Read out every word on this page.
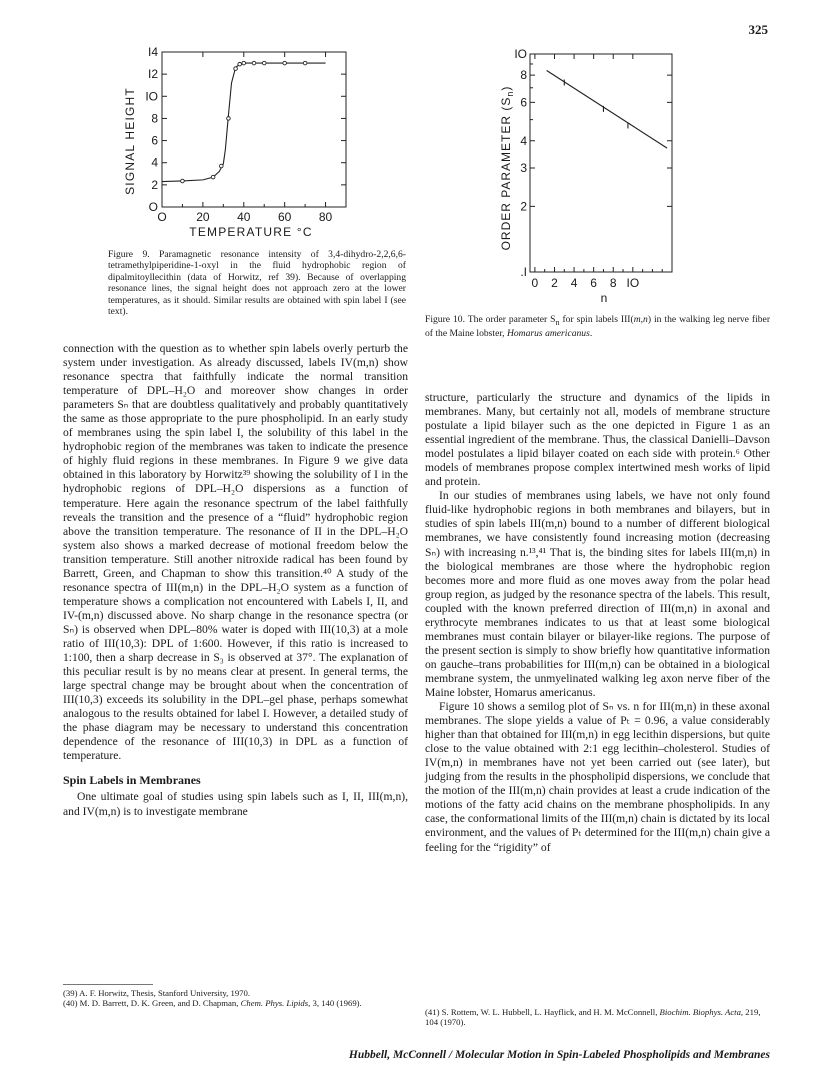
325
O 20 40 60 80
O
2
4
6
8
IO
I2
I4
SIGNAL HEIGHT
TEMPERATURE °C
0 2 4 6 8 IO
.I
2
3
4
6
8
IO
ORDER PARAMETER $(S_n)$
n
Figure 9. Paramagnetic resonance intensity of 3,4-dihydro-2,2,6,6-tetramethylpiperidine-1-oxyl in the fluid hydrophobic region of dipalmitoyllecithin (data of Horwitz, ref 39). Because of overlapping resonance lines, the signal height does not approach zero at the lower temperatures, as it should. Similar results are obtained with spin label I (see text).
Figure 10. The order parameter $S_n$ for spin labels III(m,n) in the walking leg nerve fiber of the Maine lobster, Homarus americanus.

connection with the question as to whether spin labels overly perturb the system under investigation. As already discussed, labels IV(m,n) show resonance spectra that faithfully indicate the normal transition temperature of DPL–H₂O and moreover show changes in order parameters Sₙ that are doubtless qualitatively and probably quantitatively the same as those appropriate to the pure phospholipid. In an early study of membranes using the spin label I, the solubility of this label in the hydrophobic region of the membranes was taken to indicate the presence of highly fluid regions in these membranes. In Figure 9 we give data obtained in this laboratory by Horwitz³⁹ showing the solubility of I in the hydrophobic regions of DPL–H₂O dispersions as a function of temperature. Here again the resonance spectrum of the label faithfully reveals the transition and the presence of a “fluid” hydrophobic region above the transition temperature. The resonance of II in the DPL–H₂O system also shows a marked decrease of motional freedom below the transition temperature. Still another nitroxide radical has been found by Barrett, Green, and Chapman to show this transition.⁴⁰ A study of the resonance spectra of III(m,n) in the DPL–H₂O system as a function of temperature shows a complication not encountered with Labels I, II, and IV-(m,n) discussed above. No sharp change in the resonance spectra (or Sₙ) is observed when DPL–80% water is doped with III(10,3) at a mole ratio of III(10,3): DPL of 1:600. However, if this ratio is increased to 1:100, then a sharp decrease in S₃ is observed at 37°. The explanation of this peculiar result is by no means clear at present. In general terms, the large spectral change may be brought about when the concentration of III(10,3) exceeds its solubility in the DPL–gel phase, perhaps somewhat analogous to the results obtained for label I. However, a detailed study of the phase diagram may be necessary to understand this concentration dependence of the resonance of III(10,3) in DPL as a function of temperature.

Spin Labels in Membranes

One ultimate goal of studies using spin labels such as I, II, III(m,n), and IV(m,n) is to investigate membrane

structure, particularly the structure and dynamics of the lipids in membranes. Many, but certainly not all, models of membrane structure postulate a lipid bilayer such as the one depicted in Figure 1 as an essential ingredient of the membrane. Thus, the classical Danielli–Davson model postulates a lipid bilayer coated on each side with protein.⁶ Other models of membranes propose complex intertwined mesh works of lipid and protein.

In our studies of membranes using labels, we have not only found fluid-like hydrophobic regions in both membranes and bilayers, but in studies of spin labels III(m,n) bound to a number of different biological membranes, we have consistently found increasing motion (decreasing Sₙ) with increasing n.¹³,⁴¹ That is, the binding sites for labels III(m,n) in the biological membranes are those where the hydrophobic region becomes more and more fluid as one moves away from the polar head group region, as judged by the resonance spectra of the labels. This result, coupled with the known preferred direction of III(m,n) in axonal and erythrocyte membranes indicates to us that at least some biological membranes must contain bilayer or bilayer-like regions. The purpose of the present section is simply to show briefly how quantitative information on gauche–trans probabilities for III(m,n) can be obtained in a biological membrane system, the unmyelinated walking leg axon nerve fiber of the Maine lobster, Homarus americanus.

Figure 10 shows a semilog plot of Sₙ vs. n for III(m,n) in these axonal membranes. The slope yields a value of Pₜ = 0.96, a value considerably higher than that obtained for III(m,n) in egg lecithin dispersions, but quite close to the value obtained with 2:1 egg lecithin–cholesterol. Studies of IV(m,n) in membranes have not yet been carried out (see later), but judging from the results in the phospholipid dispersions, we conclude that the motion of the III(m,n) chain provides at least a crude indication of the motions of the fatty acid chains on the membrane phospholipids. In any case, the conformational limits of the III(m,n) chain is dictated by its local environment, and the values of Pₜ determined for the III(m,n) chain give a feeling for the “rigidity” of

(39) A. F. Horwitz, Thesis, Stanford University, 1970.
(40) M. D. Barrett, D. K. Green, and D. Chapman, Chem. Phys. Lipids, 3, 140 (1969).
(41) S. Rottem, W. L. Hubbell, L. Hayflick, and H. M. McConnell, Biochim. Biophys. Acta, 219, 104 (1970).
Hubbell, McConnell / Molecular Motion in Spin-Labeled Phospholipids and Membranes
